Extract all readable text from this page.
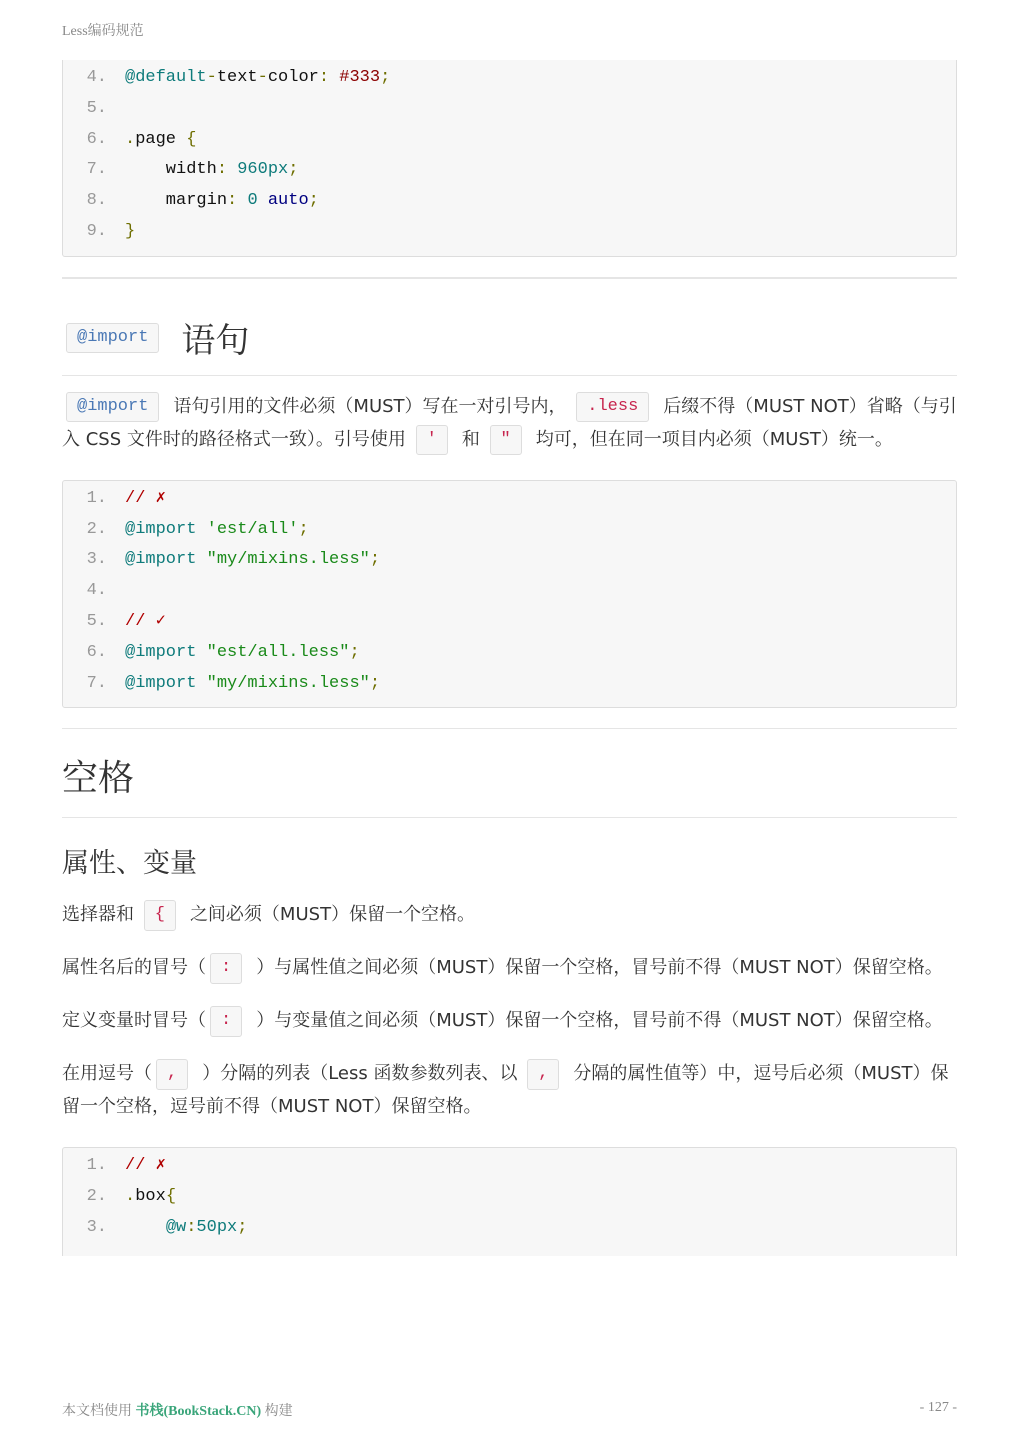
Less编码规范
4. @default-text-color: #333;
5.
6. .page {
7.    width: 960px;
8.    margin: 0 auto;
9. }
@import 语句

@import 语句引用的文件必须（MUST）写在一对引号内， .less 后缀不得（MUST NOT）省略（与引入 CSS 文件时的路径格式一致）。引号使用 ' 和 " 均可，但在同一项目内必须（MUST）统一。

1. // ✗
2. @import 'est/all';
3. @import "my/mixins.less";
4.
5. // ✓
6. @import "est/all.less";
7. @import "my/mixins.less";
空格
属性、变量

选择器和 { 之间必须（MUST）保留一个空格。

属性名后的冒号（ : ）与属性值之间必须（MUST）保留一个空格，冒号前不得（MUST NOT）保留空格。

定义变量时冒号（ : ）与变量值之间必须（MUST）保留一个空格，冒号前不得（MUST NOT）保留空格。

在用逗号（ , ）分隔的列表（Less 函数参数列表、以 , 分隔的属性值等）中，逗号后必须（MUST）保留一个空格，逗号前不得（MUST NOT）保留空格。

1. // ✗
2. .box{
3.	@w:50px;
本文档使用 书栈(BookStack.CN) 构建	- 127 -
